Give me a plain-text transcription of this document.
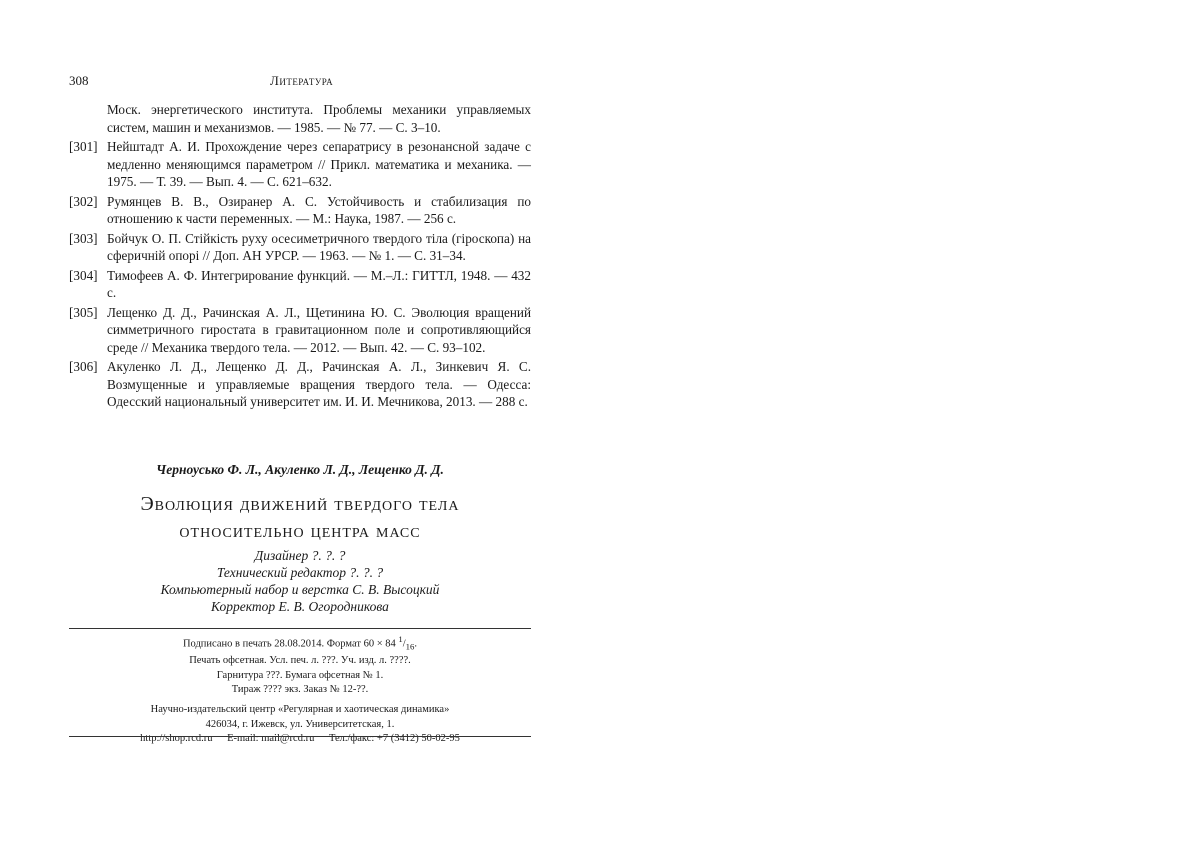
308	Литература
Моск. энергетического института. Проблемы механики управляемых систем, машин и механизмов. — 1985. — № 77. — С. 3–10.
[301] Нейштадт А. И. Прохождение через сепаратрису в резонансной задаче с медленно меняющимся параметром // Прикл. математика и механика. — 1975. — Т. 39. — Вып. 4. — С. 621–632.
[302] Румянцев В. В., Озиранер А. С. Устойчивость и стабилизация по отношению к части переменных. — М.: Наука, 1987. — 256 с.
[303] Бойчук О. П. Стійкість руху осесиметричного твердого тіла (гіроскопа) на сферичній опорі // Доп. АН УРСР. — 1963. — № 1. — С. 31–34.
[304] Тимофеев А. Ф. Интегрирование функций. — М.–Л.: ГИТТЛ, 1948. — 432 с.
[305] Лещенко Д. Д., Рачинская А. Л., Щетинина Ю. С. Эволюция вращений симметричного гиростата в гравитационном поле и сопротивляющийся среде // Механика твердого тела. — 2012. — Вып. 42. — С. 93–102.
[306] Акуленко Л. Д., Лещенко Д. Д., Рачинская А. Л., Зинкевич Я. С. Возмущенные и управляемые вращения твердого тела. — Одесса: Одесский национальный университет им. И. И. Мечникова, 2013. — 288 с.
Черноусько Ф. Л., Акуленко Л. Д., Лещенко Д. Д.
Эволюция движений твердого тела
относительно центра масс
Дизайнер ?. ?. ?
Технический редактор ?. ?. ?
Компьютерный набор и верстка С. В. Высоцкий
Корректор Е. В. Огородникова
Подписано в печать 28.08.2014. Формат 60 × 84 $^1/_{16}$.
Печать офсетная. Усл. печ. л. ???. Уч. изд. л. ????.
Гарнитура ???. Бумага офсетная № 1.
Тираж ???? экз. Заказ № 12-??.
Научно-издательский центр «Регулярная и хаотическая динамика»
426034, г. Ижевск, ул. Университетская, 1.
http://shop.rcd.ru E-mail: mail@rcd.ru Тел./факс: +7 (3412) 50-02-95
